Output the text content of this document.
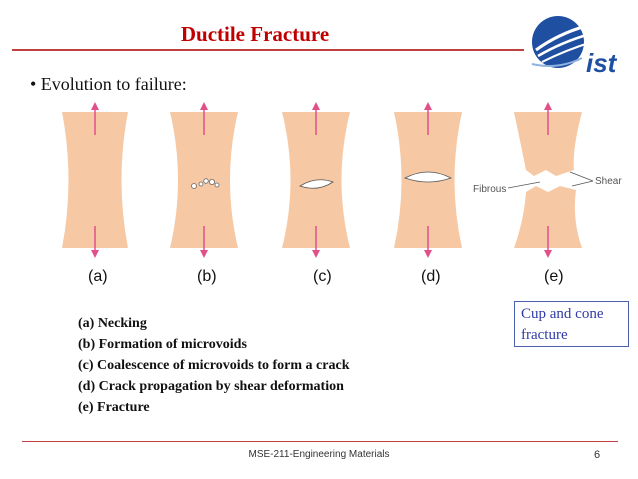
Ductile Fracture
ist
• Evolution to failure:
Fibrous
Shear
(a)	(b)	(c)	(d)	(e)
(a) Necking
(b) Formation of microvoids
(c) Coalescence of microvoids to form a crack
(d) Crack propagation by shear deformation
(e) Fracture
Cup and cone
fracture
MSE-211-Engineering Materials	6
